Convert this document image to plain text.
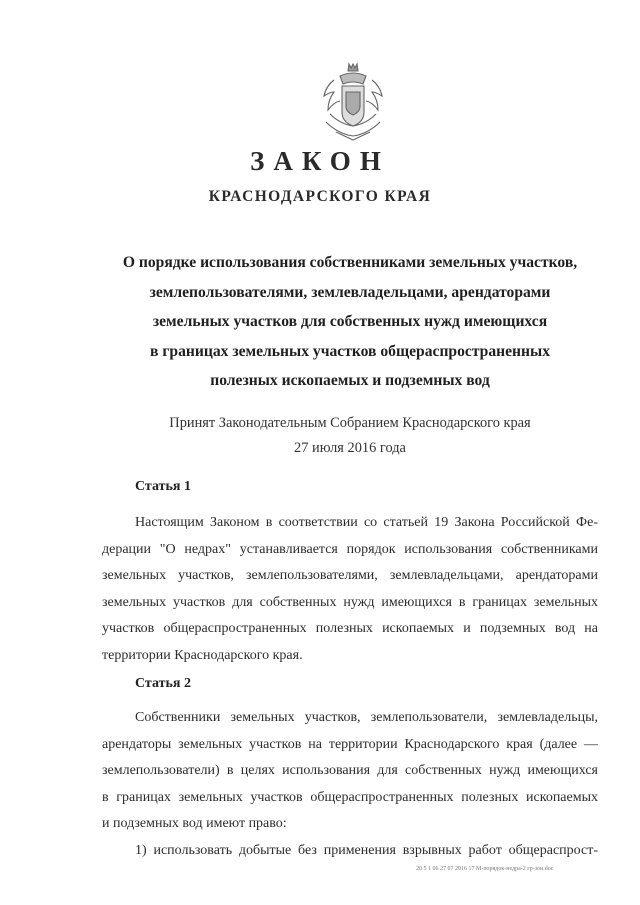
ЗАКОН
КРАСНОДАРСКОГО КРАЯ
О порядке использования собственниками земельных участков,
землепользователями, землевладельцами, арендаторами
земельных участков для собственных нужд имеющихся
в границах земельных участков общераспространенных
полезных ископаемых и подземных вод
Принят Законодательным Собранием Краснодарского края
27 июля 2016 года
Статья 1
Настоящим Законом в соответствии со статьей 19 Закона Российской Фе-
дерации "О недрах" устанавливается порядок использования собственниками
земельных участков, землепользователями, землевладельцами, арендаторами
земельных участков для собственных нужд имеющихся в границах земельных
участков общераспространенных полезных ископаемых и подземных вод на
территории Краснодарского края.
Статья 2
Собственники земельных участков, землепользователи, землевладельцы,
арендаторы земельных участков на территории Краснодарского края (далее —
землепользователи) в целях использования для собственных нужд имеющихся
в границах земельных участков общераспространенных полезных ископаемых
и подземных вод имеют право:
1) использовать добытые без применения взрывных работ общераспрост-
20 5 1 06 27 07 2016 17 М-порядок-недра-2 гр-зон.doc
